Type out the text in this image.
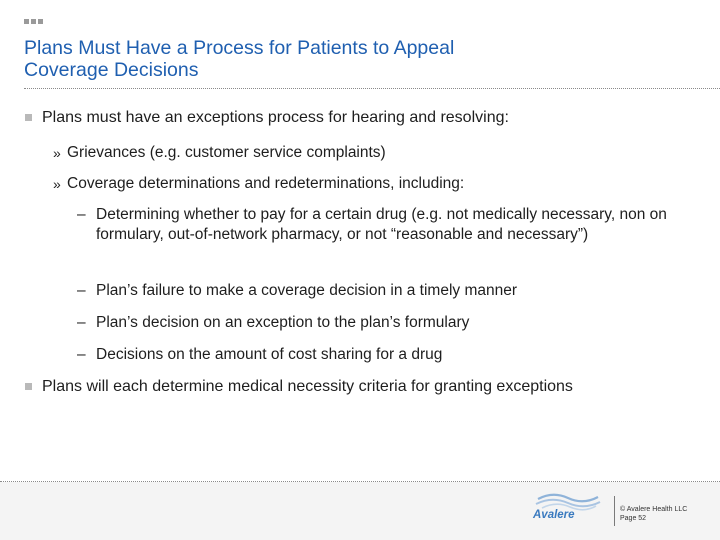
Plans Must Have a Process for Patients to Appeal
Coverage Decisions
Plans must have an exceptions process for hearing and resolving:
» Grievances (e.g. customer service complaints)
» Coverage determinations and redeterminations, including:
– Determining whether to pay for a certain drug (e.g. not medically necessary, non on formulary, out-of-network pharmacy, or not “reasonable and necessary”)
– Plan’s failure to make a coverage decision in a timely manner
– Plan’s decision on an exception to the plan’s formulary
– Decisions on the amount of cost sharing for a drug
Plans will each determine medical necessity criteria for granting exceptions
Avalere	© Avalere Health LLC
Page 52
